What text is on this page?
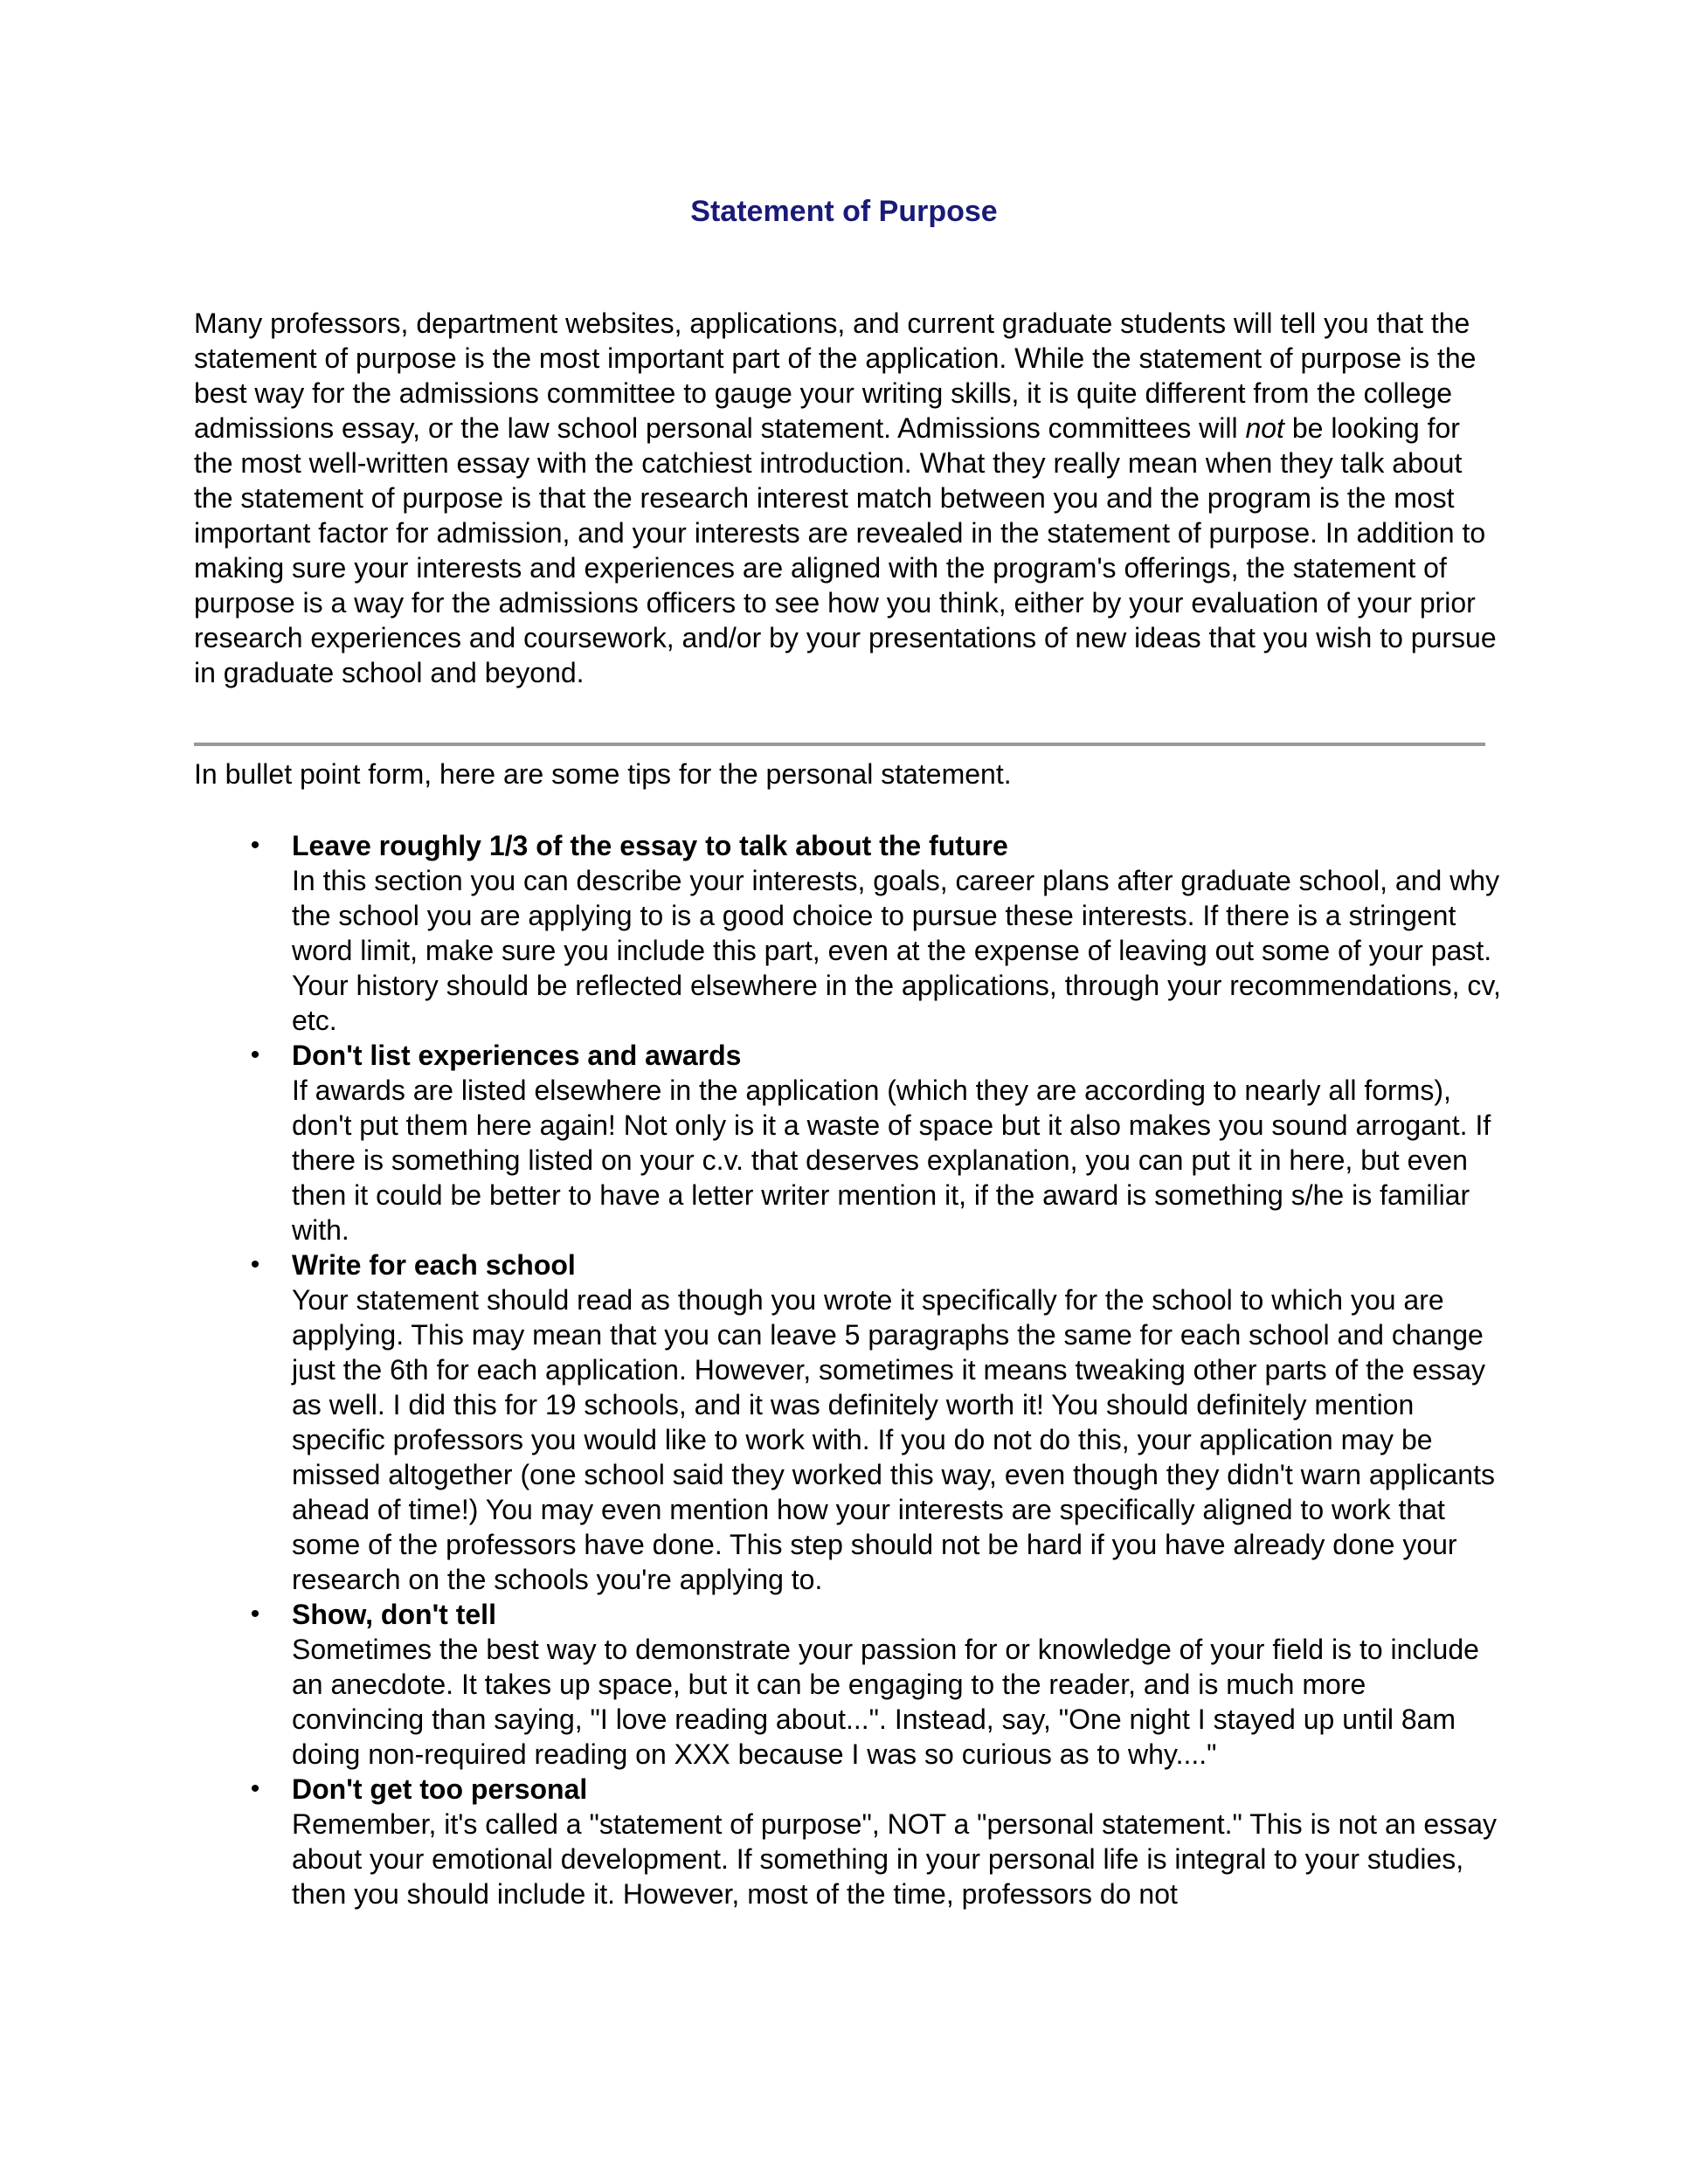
Statement of Purpose

Many professors, department websites, applications, and current graduate students will tell you that the statement of purpose is the most important part of the application. While the statement of purpose is the best way for the admissions committee to gauge your writing skills, it is quite different from the college admissions essay, or the law school personal statement. Admissions committees will not be looking for the most well-written essay with the catchiest introduction. What they really mean when they talk about the statement of purpose is that the research interest match between you and the program is the most important factor for admission, and your interests are revealed in the statement of purpose. In addition to making sure your interests and experiences are aligned with the program's offerings, the statement of purpose is a way for the admissions officers to see how you think, either by your evaluation of your prior research experiences and coursework, and/or by your presentations of new ideas that you wish to pursue in graduate school and beyond.

In bullet point form, here are some tips for the personal statement.

•	Leave roughly 1/3 of the essay to talk about the future
In this section you can describe your interests, goals, career plans after graduate school, and why the school you are applying to is a good choice to pursue these interests. If there is a stringent word limit, make sure you include this part, even at the expense of leaving out some of your past. Your history should be reflected elsewhere in the applications, through your recommendations, cv, etc.
•	Don't list experiences and awards
If awards are listed elsewhere in the application (which they are according to nearly all forms), don't put them here again! Not only is it a waste of space but it also makes you sound arrogant. If there is something listed on your c.v. that deserves explanation, you can put it in here, but even then it could be better to have a letter writer mention it, if the award is something s/he is familiar with.
•	Write for each school
Your statement should read as though you wrote it specifically for the school to which you are applying. This may mean that you can leave 5 paragraphs the same for each school and change just the 6th for each application. However, sometimes it means tweaking other parts of the essay as well. I did this for 19 schools, and it was definitely worth it! You should definitely mention specific professors you would like to work with. If you do not do this, your application may be missed altogether (one school said they worked this way, even though they didn't warn applicants ahead of time!) You may even mention how your interests are specifically aligned to work that some of the professors have done. This step should not be hard if you have already done your research on the schools you're applying to.
•	Show, don't tell
Sometimes the best way to demonstrate your passion for or knowledge of your field is to include an anecdote. It takes up space, but it can be engaging to the reader, and is much more convincing than saying, "I love reading about...". Instead, say, "One night I stayed up until 8am doing non-required reading on XXX because I was so curious as to why...."
•	Don't get too personal
Remember, it's called a "statement of purpose", NOT a "personal statement." This is not an essay about your emotional development. If something in your personal life is integral to your studies, then you should include it. However, most of the time, professors do not
